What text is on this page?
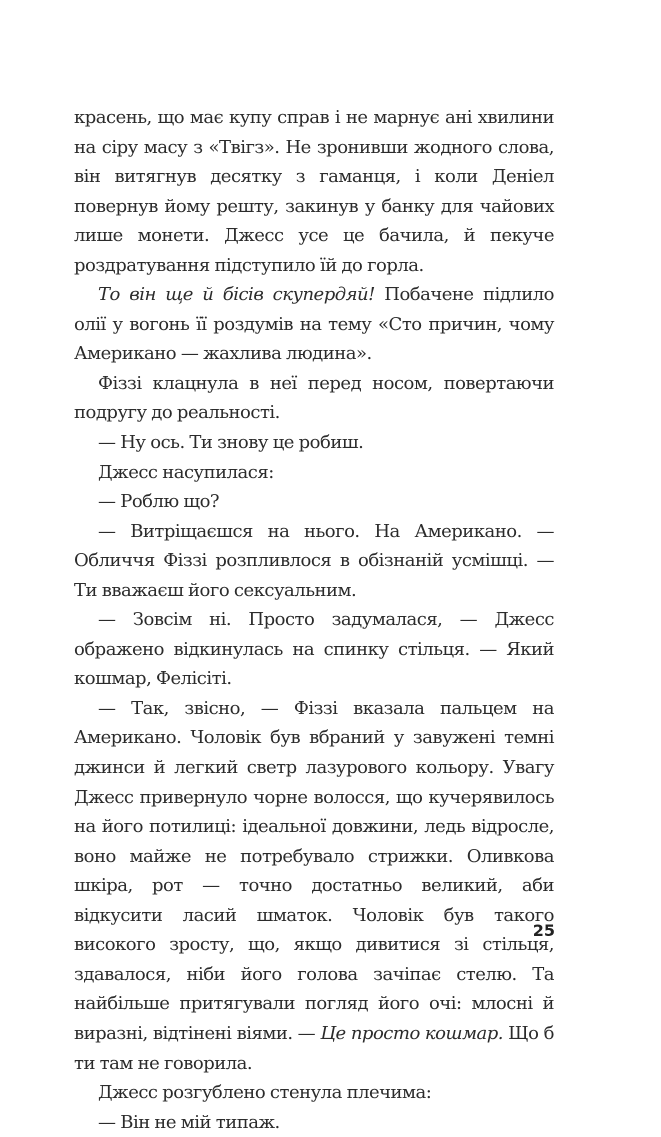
красень, що має купу справ і не марнує ані хвилини на сіру масу з «Твігз». Не зронивши жодного слова, він витягнув десятку з гаманця, і коли Деніел повернув йому решту, закинув у банку для чайових лише монети. Джесс усе це бачила, й пекуче роздратування підступило їй до горла.

То він ще й бісів скупердяй! Побачене підлило олії у вогонь її роздумів на тему «Сто причин, чому Американо — жахлива людина».

Фіззі клацнула в неї перед носом, повертаючи подругу до реальності.

— Ну ось. Ти знову це робиш.

Джесс насупилася:

— Роблю що?

— Витріщаєшся на нього. На Американо. — Обличчя Фіззі розпливлося в обізнаній усмішці. — Ти вважаєш його сексуальним.

— Зовсім ні. Просто задумалася, — Джесс ображено відкинулась на спинку стільця. — Який кошмар, Фелісіті.

— Так, звісно, — Фіззі вказала пальцем на Американо. Чоловік був вбраний у завужені темні джинси й легкий светр лазурового кольору. Увагу Джесс привернуло чорне волосся, що кучерявилось на його потилиці: ідеальної довжини, ледь відросле, воно майже не потребувало стрижки. Оливкова шкіра, рот — точно достатньо великий, аби відкусити ласий шматок. Чоловік був такого високого зросту, що, якщо дивитися зі стільця, здавалося, ніби його голова зачіпає стелю. Та найбільше притягували погляд його очі: млосні й виразні, відтінені віями. — Це просто кошмар. Що б ти там не говорила.

Джесс розгублено стенула плечима:

— Він не мій типаж.

25
